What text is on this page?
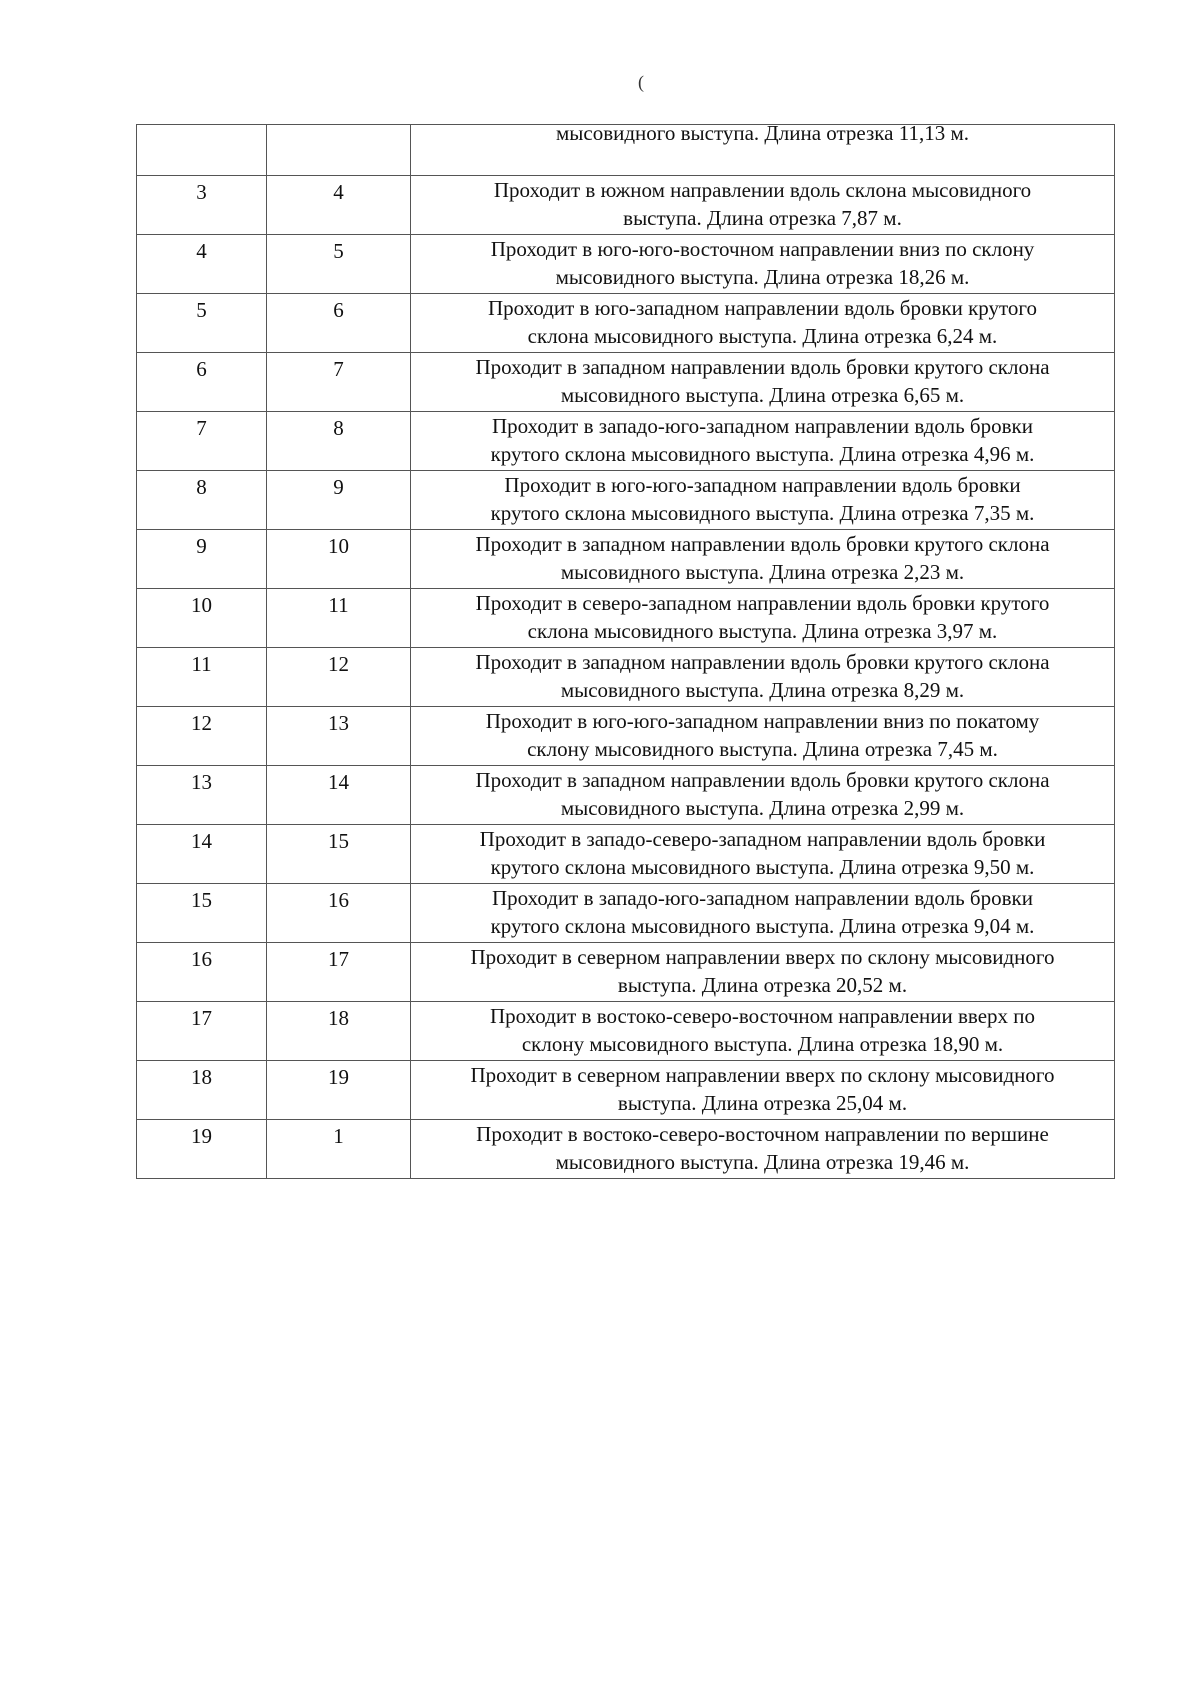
(

		мысовидного выступа. Длина отрезка 11,13 м.

3	4	Проходит в южном направлении вдоль склона мысовидного
выступа. Длина отрезка 7,87 м.

4	5	Проходит в юго-юго-восточном направлении вниз по склону
мысовидного выступа. Длина отрезка 18,26 м.

5	6	Проходит в юго-западном направлении вдоль бровки крутого
склона мысовидного выступа. Длина отрезка 6,24 м.

6	7	Проходит в западном направлении вдоль бровки крутого склона
мысовидного выступа. Длина отрезка 6,65 м.

7	8	Проходит в западо-юго-западном направлении вдоль бровки
крутого склона мысовидного выступа. Длина отрезка 4,96 м.

8	9	Проходит в юго-юго-западном направлении вдоль бровки
крутого склона мысовидного выступа. Длина отрезка 7,35 м.

9	10	Проходит в западном направлении вдоль бровки крутого склона
мысовидного выступа. Длина отрезка 2,23 м.

10	11	Проходит в северо-западном направлении вдоль бровки крутого
склона мысовидного выступа. Длина отрезка 3,97 м.

11	12	Проходит в западном направлении вдоль бровки крутого склона
мысовидного выступа. Длина отрезка 8,29 м.

12	13	Проходит в юго-юго-западном направлении вниз по покатому
склону мысовидного выступа. Длина отрезка 7,45 м.

13	14	Проходит в западном направлении вдоль бровки крутого склона
мысовидного выступа. Длина отрезка 2,99 м.

14	15	Проходит в западо-северо-западном направлении вдоль бровки
крутого склона мысовидного выступа. Длина отрезка 9,50 м.

15	16	Проходит в западо-юго-западном направлении вдоль бровки
крутого склона мысовидного выступа. Длина отрезка 9,04 м.

16	17	Проходит в северном направлении вверх по склону мысовидного
выступа. Длина отрезка 20,52 м.

17	18	Проходит в востоко-северо-восточном направлении вверх по
склону мысовидного выступа. Длина отрезка 18,90 м.

18	19	Проходит в северном направлении вверх по склону мысовидного
выступа. Длина отрезка 25,04 м.

19	1	Проходит в востоко-северо-восточном направлении по вершине
мысовидного выступа. Длина отрезка 19,46 м.
